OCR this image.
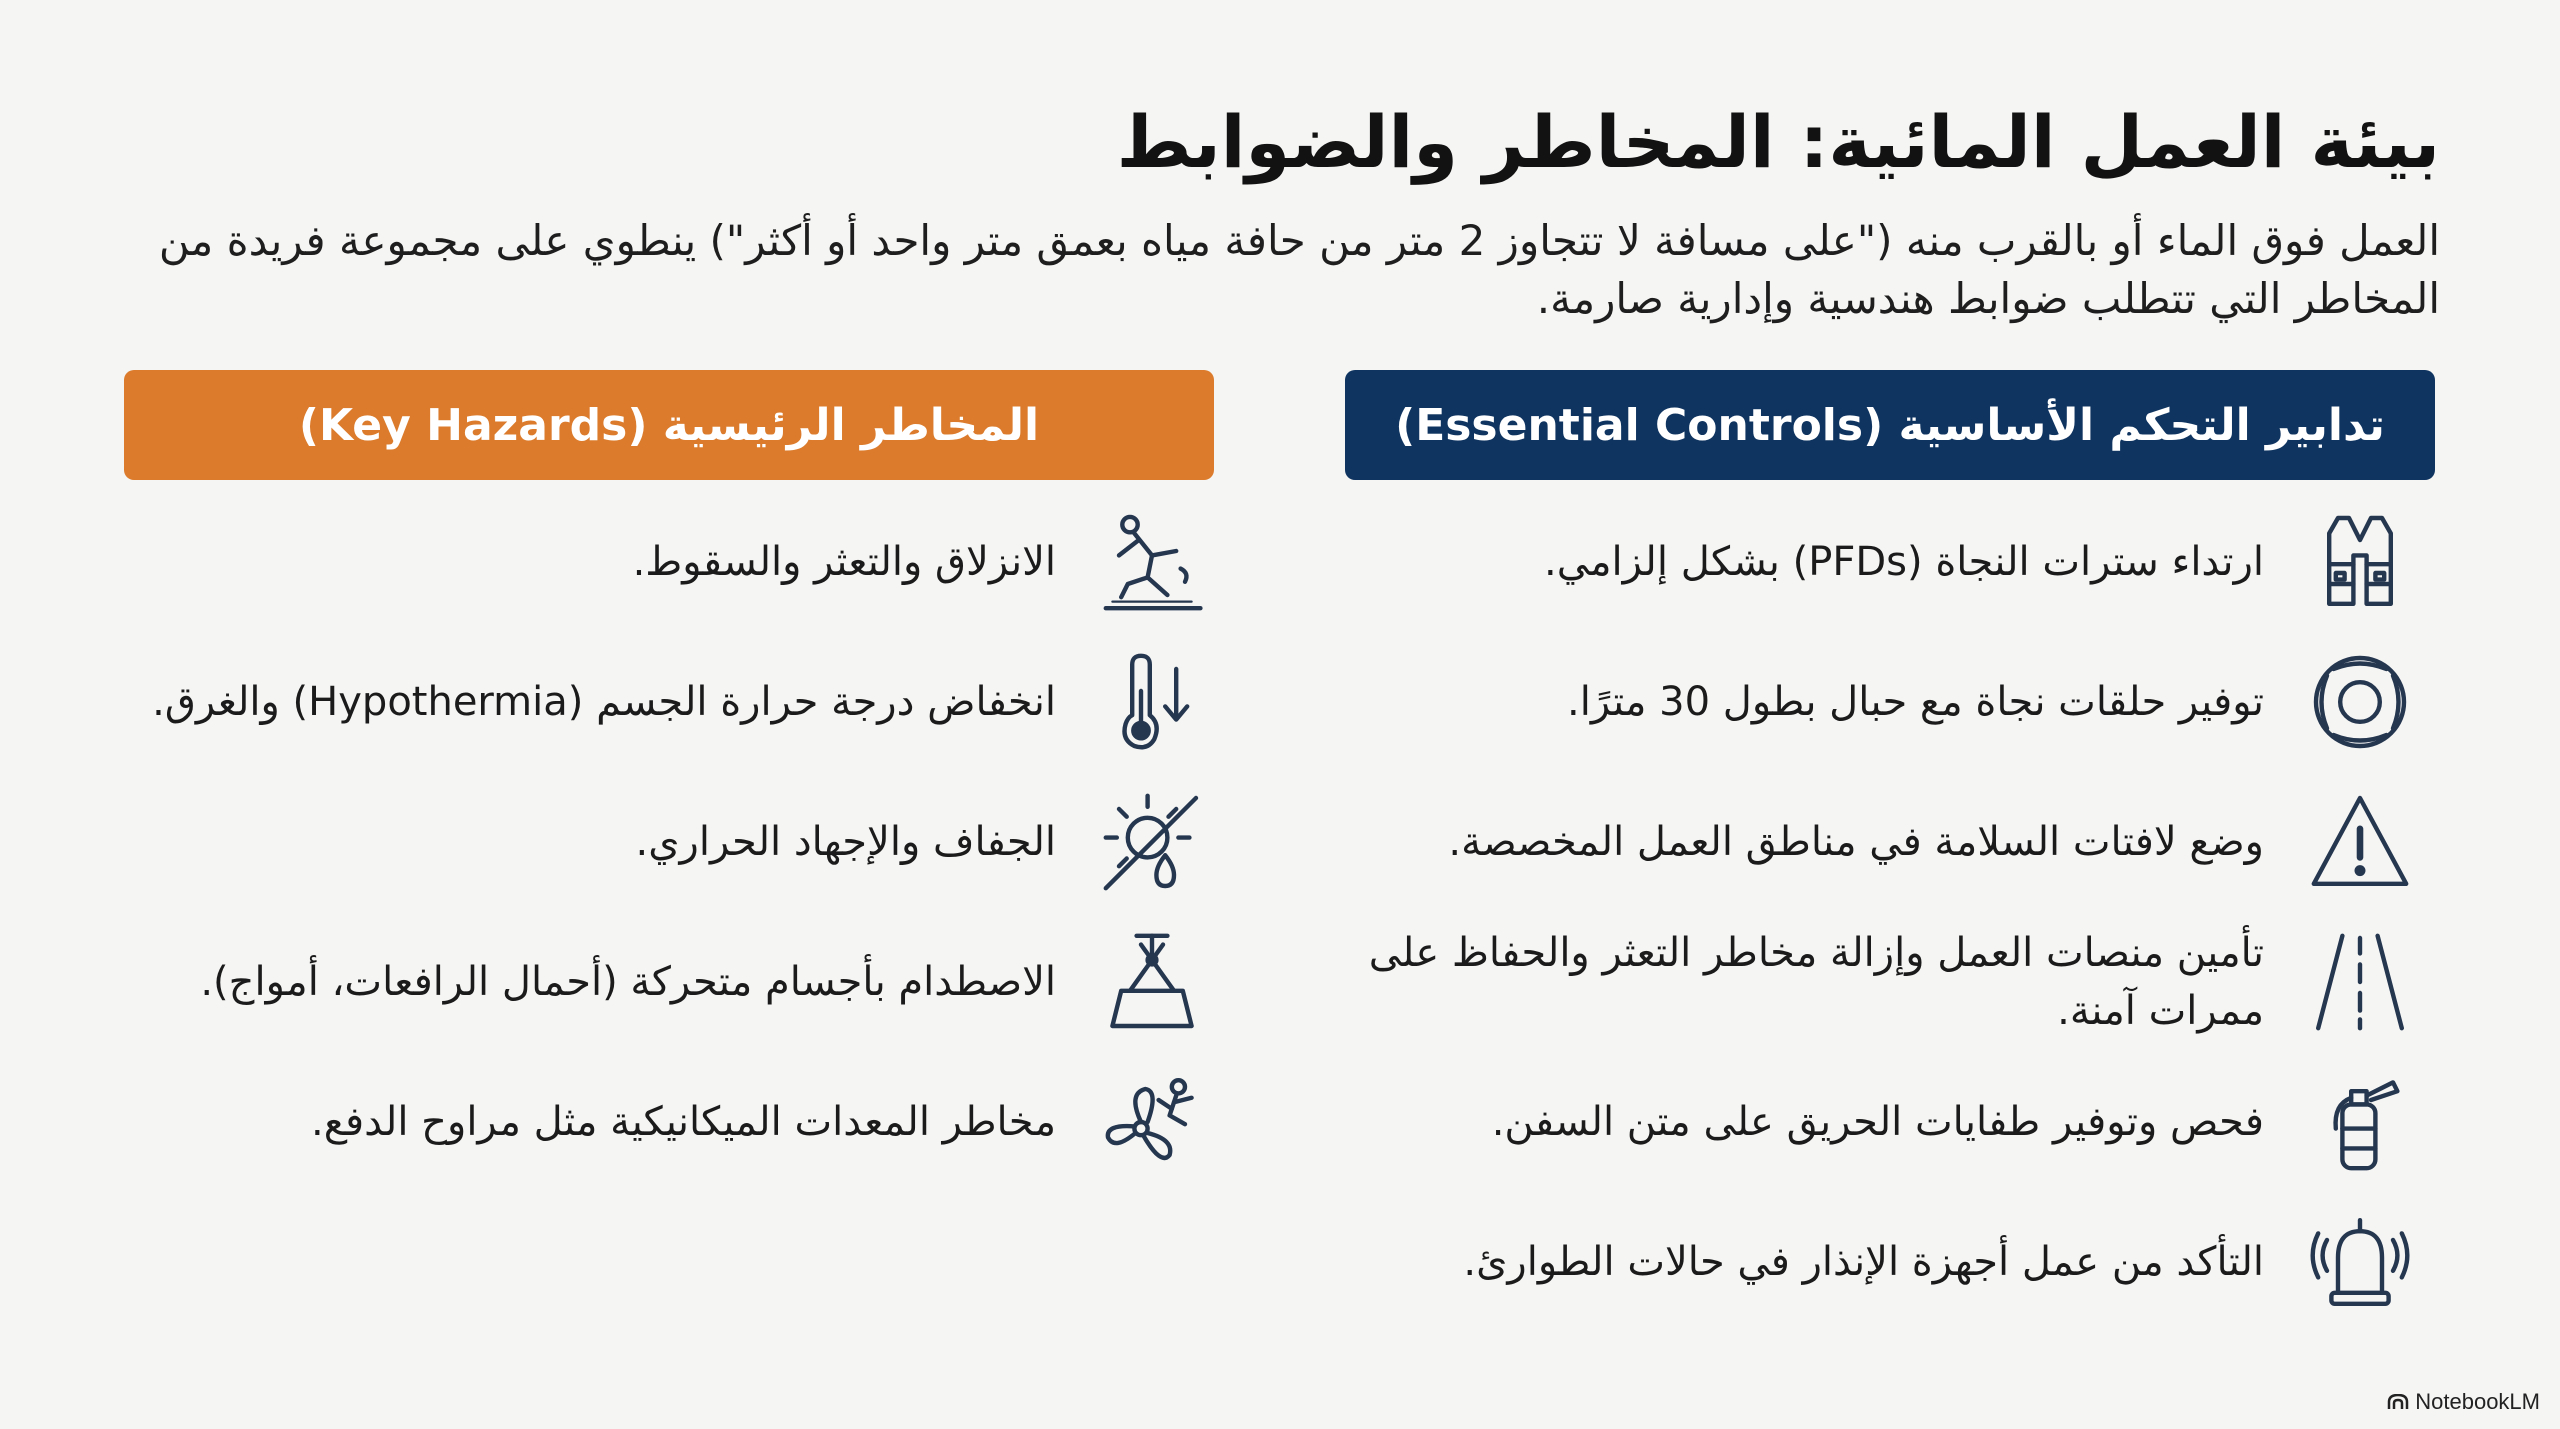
بيئة العمل المائية: المخاطر والضوابط
العمل فوق الماء أو بالقرب منه ("على مسافة لا تتجاوز 2 متر من حافة مياه بعمق متر واحد أو أكثر") ينطوي على مجموعة فريدة من المخاطر التي تتطلب ضوابط هندسية وإدارية صارمة.
تدابير التحكم الأساسية (Essential Controls)
المخاطر الرئيسية (Key Hazards)
ارتداء سترات النجاة (PFDs) بشكل إلزامي.
توفير حلقات نجاة مع حبال بطول 30 مترًا.
وضع لافتات السلامة في مناطق العمل المخصصة.
تأمين منصات العمل وإزالة مخاطر التعثر والحفاظ على ممرات آمنة.
فحص وتوفير طفايات الحريق على متن السفن.
التأكد من عمل أجهزة الإنذار في حالات الطوارئ.
الانزلاق والتعثر والسقوط.
انخفاض درجة حرارة الجسم (Hypothermia) والغرق.
الجفاف والإجهاد الحراري.
الاصطدام بأجسام متحركة (أحمال الرافعات، أمواج).
مخاطر المعدات الميكانيكية مثل مراوح الدفع.
NotebookLM
